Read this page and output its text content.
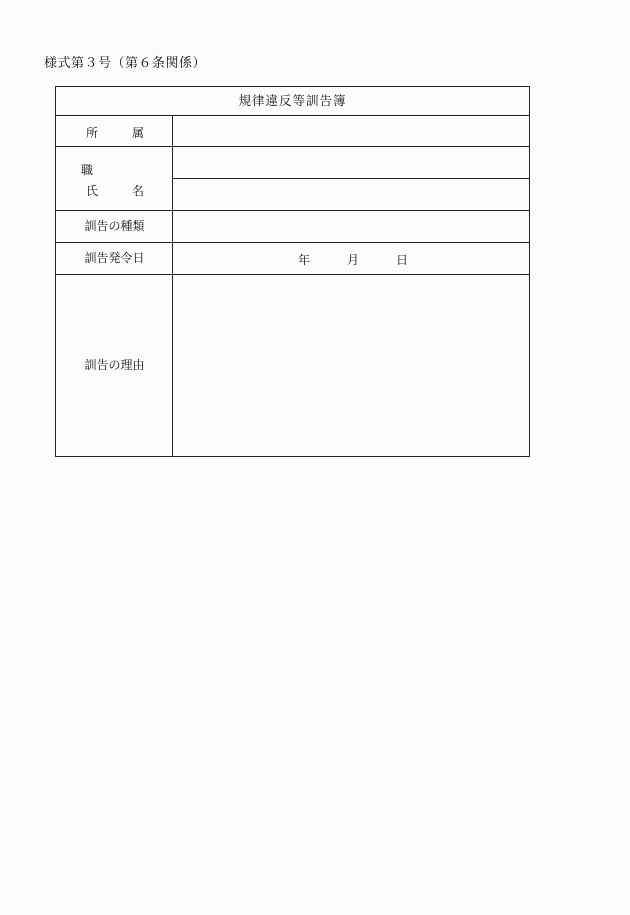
様式第３号（第６条関係）
規律違反等訓告簿
所	属
職
氏	名
訓告の種類
訓告発令日	年	月	日
訓告の理由
